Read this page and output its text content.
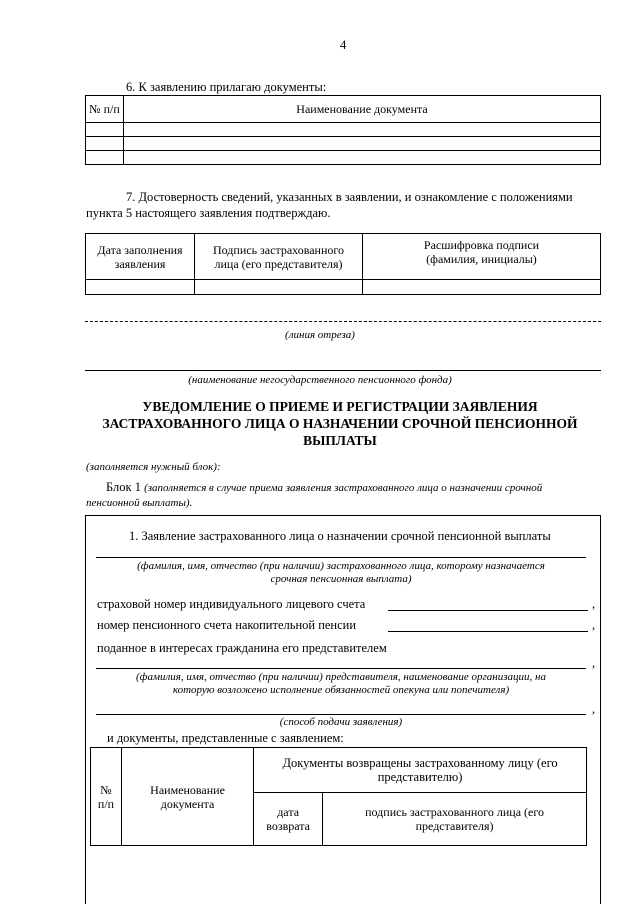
4
6. К заявлению прилагаю документы:
№ п/п	Наименование документа

7. Достоверность сведений, указанных в заявлении, и ознакомление с положениями
пункта 5 настоящего заявления подтверждаю.
Дата заполнения заявления	Подпись застрахованного лица (его представителя)	Расшифровка подписи (фамилия, инициалы)

(линия отреза)
(наименование негосударственного пенсионного фонда)
УВЕДОМЛЕНИЕ О ПРИЕМЕ И РЕГИСТРАЦИИ ЗАЯВЛЕНИЯ
ЗАСТРАХОВАННОГО ЛИЦА О НАЗНАЧЕНИИ СРОЧНОЙ ПЕНСИОННОЙ
ВЫПЛАТЫ
(заполняется нужный блок):
Блок 1 (заполняется в случае приема заявления застрахованного лица о назначении срочной
пенсионной выплаты).
1. Заявление застрахованного лица о назначении срочной пенсионной выплаты
(фамилия, имя, отчество (при наличии) застрахованного лица, которому назначается
срочная пенсионная выплата)
страховой номер индивидуального лицевого счета	,
номер пенсионного счета накопительной пенсии	,
поданное в интересах гражданина его представителем
,
(фамилия, имя, отчество (при наличии) представителя, наименование организации, на
которую возложено исполнение обязанностей опекуна или попечителя)
,
(способ подачи заявления)
и документы, представленные с заявлением:
№ п/п	Наименование документа	Документы возвращены застрахованному лицу (его представителю)	

		дата возврата	подпись застрахованного лица (его представителя)
